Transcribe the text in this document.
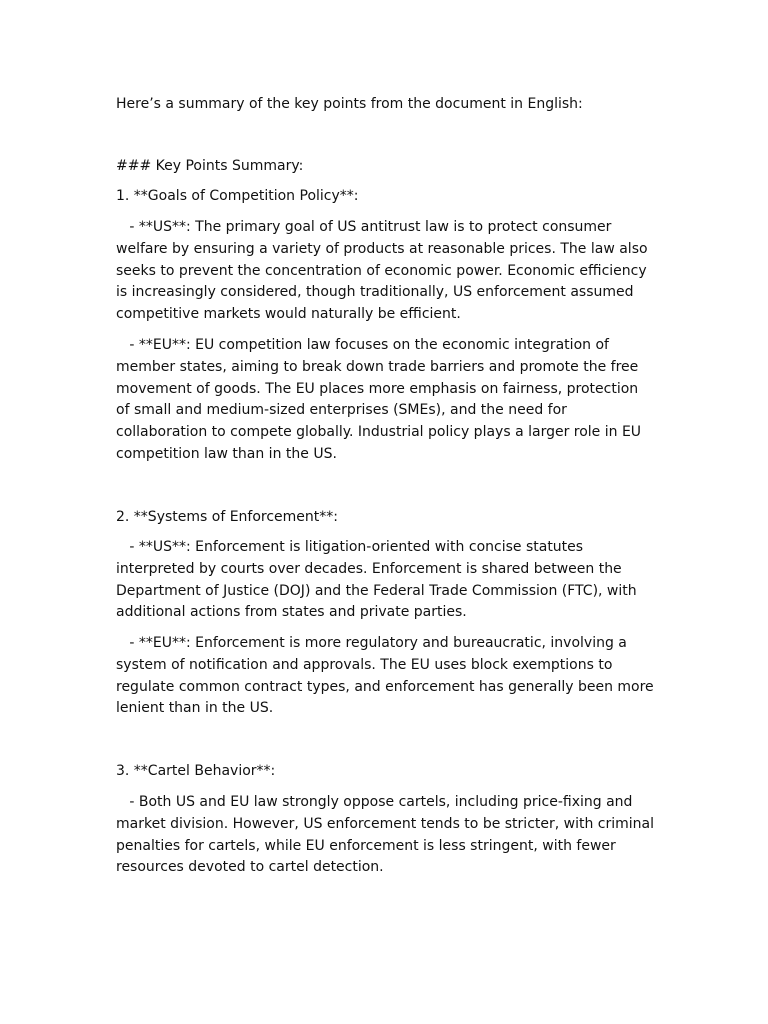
Here’s a summary of the key points from the document in English:
### Key Points Summary:
1. **Goals of Competition Policy**:
- **US**: The primary goal of US antitrust law is to protect consumer welfare by ensuring a variety of products at reasonable prices. The law also seeks to prevent the concentration of economic power. Economic efficiency is increasingly considered, though traditionally, US enforcement assumed competitive markets would naturally be efficient.
- **EU**: EU competition law focuses on the economic integration of member states, aiming to break down trade barriers and promote the free movement of goods. The EU places more emphasis on fairness, protection of small and medium-sized enterprises (SMEs), and the need for collaboration to compete globally. Industrial policy plays a larger role in EU competition law than in the US.
2. **Systems of Enforcement**:
- **US**: Enforcement is litigation-oriented with concise statutes interpreted by courts over decades. Enforcement is shared between the Department of Justice (DOJ) and the Federal Trade Commission (FTC), with additional actions from states and private parties.
- **EU**: Enforcement is more regulatory and bureaucratic, involving a system of notification and approvals. The EU uses block exemptions to regulate common contract types, and enforcement has generally been more lenient than in the US.
3. **Cartel Behavior**:
- Both US and EU law strongly oppose cartels, including price-fixing and market division. However, US enforcement tends to be stricter, with criminal penalties for cartels, while EU enforcement is less stringent, with fewer resources devoted to cartel detection.
